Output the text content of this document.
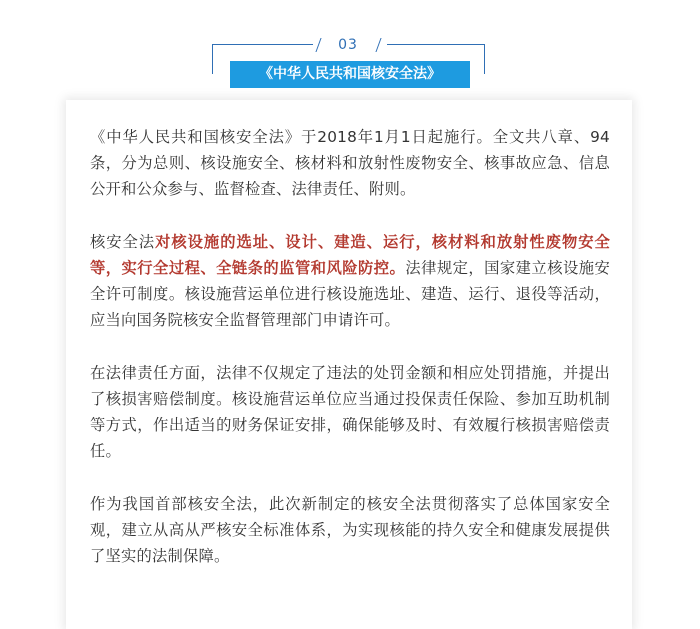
03
《中华人民共和国核安全法》

《中华人民共和国核安全法》于2018年1月1日起施行。全文共八章、94条，分为总则、核设施安全、核材料和放射性废物安全、核事故应急、信息公开和公众参与、监督检查、法律责任、附则。

核安全法对核设施的选址、设计、建造、运行，核材料和放射性废物安全等，实行全过程、全链条的监管和风险防控。法律规定，国家建立核设施安全许可制度。核设施营运单位进行核设施选址、建造、运行、退役等活动，应当向国务院核安全监督管理部门申请许可。

在法律责任方面，法律不仅规定了违法的处罚金额和相应处罚措施，并提出了核损害赔偿制度。核设施营运单位应当通过投保责任保险、参加互助机制等方式，作出适当的财务保证安排，确保能够及时、有效履行核损害赔偿责任。

作为我国首部核安全法，此次新制定的核安全法贯彻落实了总体国家安全观，建立从高从严核安全标准体系，为实现核能的持久安全和健康发展提供了坚实的法制保障。
